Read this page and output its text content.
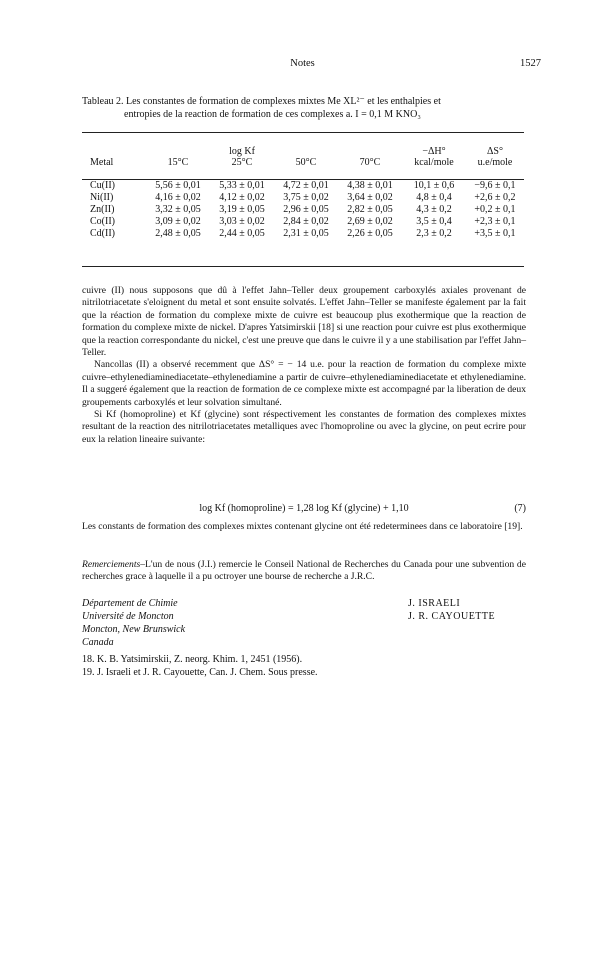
Notes	1527
Tableau 2. Les constantes de formation de complexes mixtes Me XL²⁻ et les enthalpies et
entropies de la reaction de formation de ces complexes a. I = 0,1 M KNO₃
		log Kf			−ΔH°	ΔS°
Metal	15°C	25°C	50°C	70°C	kcal/mole	u.e/mole

Cu(II)	5,56 ± 0,01	5,33 ± 0,01	4,72 ± 0,01	4,38 ± 0,01	10,1 ± 0,6	−9,6 ± 0,1
Ni(II)	4,16 ± 0,02	4,12 ± 0,02	3,75 ± 0,02	3,64 ± 0,02	4,8 ± 0,4	+2,6 ± 0,2
Zn(II)	3,32 ± 0,05	3,19 ± 0,05	2,96 ± 0,05	2,82 ± 0,05	4,3 ± 0,2	+0,2 ± 0,1
Co(II)	3,09 ± 0,02	3,03 ± 0,02	2,84 ± 0,02	2,69 ± 0,02	3,5 ± 0,4	+2,3 ± 0,1
Cd(II)	2,48 ± 0,05	2,44 ± 0,05	2,31 ± 0,05	2,26 ± 0,05	2,3 ± 0,2	+3,5 ± 0,1

cuivre (II) nous supposons que dû à l'effet Jahn–Teller deux groupement carboxylés axiales provenant de nitrilotriacetate s'eloignent du metal et sont ensuite solvatés. L'effet Jahn–Teller se manifeste également par la fait que la réaction de formation du complexe mixte de cuivre est beaucoup plus exothermique que la reaction de formation du complexe mixte de nickel. D'apres Yatsimirskii [18] si une reaction pour cuivre est plus exothermique que la reaction correspondante du nickel, c'est une preuve que dans le cuivre il y a une stabilisation par l'effet Jahn–Teller.

Nancollas (II) a observé recemment que ΔS° = − 14 u.e. pour la reaction de formation du complexe mixte cuivre–ethylenediaminediacetate–ethylenediamine a partir de cuivre–ethylenediaminediacetate et ethylenediamine. Il a suggeré également que la reaction de formation de ce complexe mixte est accompagné par la liberation de deux groupements carboxylés et leur solvation simultané.

Si Kf (homoproline) et Kf (glycine) sont réspectivement les constantes de formation des complexes mixtes resultant de la reaction des nitrilotriacetates metalliques avec l'homoproline ou avec la glycine, on peut ecrire pour eux la relation lineaire suivante:

log Kf (homoproline) = 1,28 log Kf (glycine) + 1,10	(7)

Les constants de formation des complexes mixtes contenant glycine ont été redeterminees dans ce laboratoire [19].

Remerciements–L'un de nous (J.I.) remercie le Conseil National de Recherches du Canada pour une subvention de recherches grace à laquelle il a pu octroyer une bourse de recherche a J.R.C.

Département de Chimie
Université de Moncton
Moncton, New Brunswick
Canada
J. ISRAELI
J. R. CAYOUETTE
18. K. B. Yatsimirskii, Z. neorg. Khim. 1, 2451 (1956).
19. J. Israeli et J. R. Cayouette, Can. J. Chem. Sous presse.
